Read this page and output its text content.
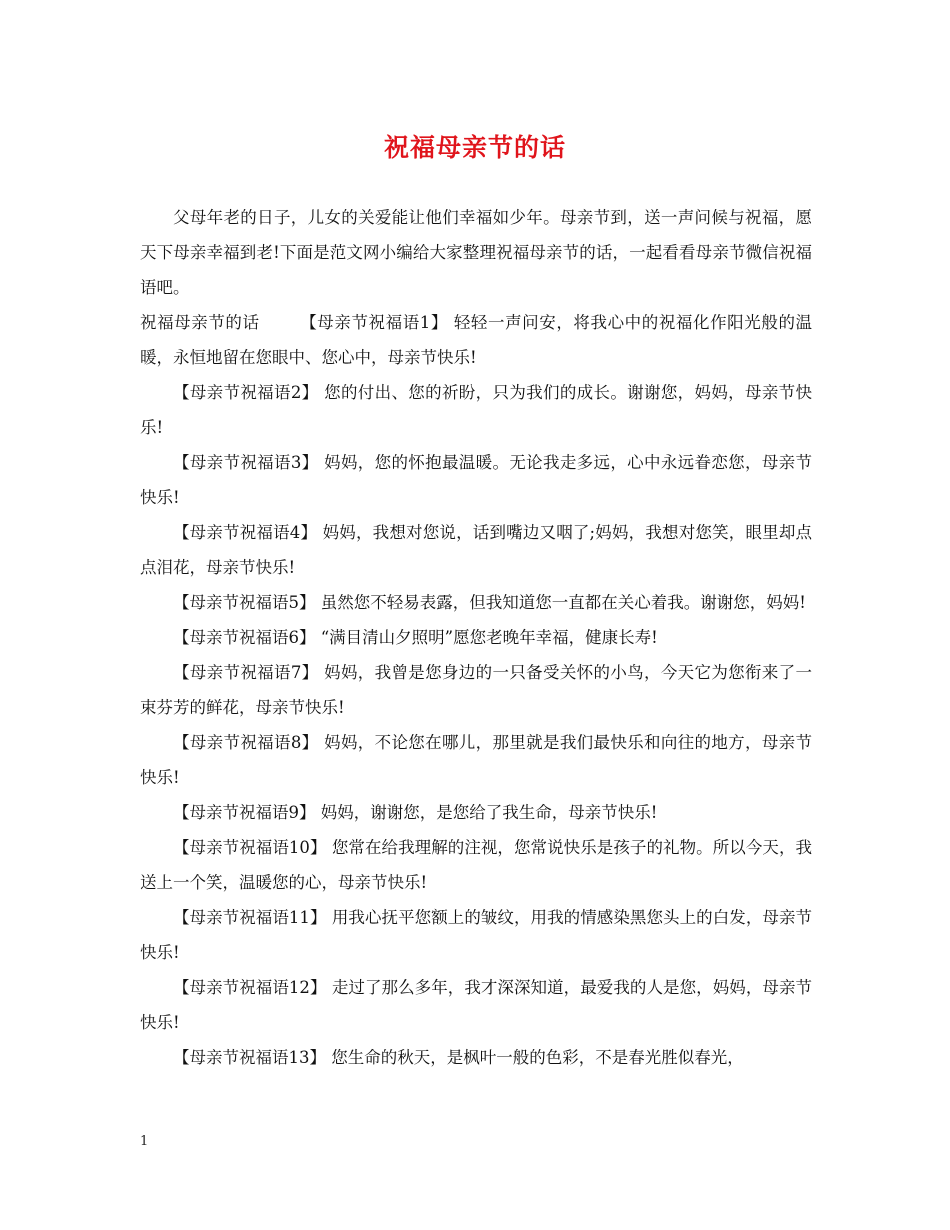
祝福母亲节的话

父母年老的日子，儿女的关爱能让他们幸福如少年。母亲节到，送一声问候与祝福，愿天下母亲幸福到老!下面是范文网小编给大家整理祝福母亲节的话，一起看看母亲节微信祝福语吧。

祝福母亲节的话 【母亲节祝福语1】 轻轻一声问安，将我心中的祝福化作阳光般的温暖，永恒地留在您眼中、您心中，母亲节快乐!

【母亲节祝福语2】 您的付出、您的祈盼，只为我们的成长。谢谢您，妈妈，母亲节快乐!

【母亲节祝福语3】 妈妈，您的怀抱最温暖。无论我走多远，心中永远眷恋您，母亲节快乐!

【母亲节祝福语4】 妈妈，我想对您说，话到嘴边又咽了;妈妈，我想对您笑，眼里却点点泪花，母亲节快乐!

【母亲节祝福语5】 虽然您不轻易表露，但我知道您一直都在关心着我。谢谢您，妈妈!

【母亲节祝福语6】 “满目清山夕照明”愿您老晚年幸福，健康长寿!

【母亲节祝福语7】 妈妈，我曾是您身边的一只备受关怀的小鸟，今天它为您衔来了一束芬芳的鲜花，母亲节快乐!

【母亲节祝福语8】 妈妈，不论您在哪儿，那里就是我们最快乐和向往的地方，母亲节快乐!

【母亲节祝福语9】 妈妈，谢谢您，是您给了我生命，母亲节快乐!

【母亲节祝福语10】 您常在给我理解的注视，您常说快乐是孩子的礼物。所以今天，我送上一个笑，温暖您的心，母亲节快乐!

【母亲节祝福语11】 用我心抚平您额上的皱纹，用我的情感染黑您头上的白发，母亲节快乐!

【母亲节祝福语12】 走过了那么多年，我才深深知道，最爱我的人是您，妈妈，母亲节快乐!

【母亲节祝福语13】 您生命的秋天，是枫叶一般的色彩，不是春光胜似春光，

1
